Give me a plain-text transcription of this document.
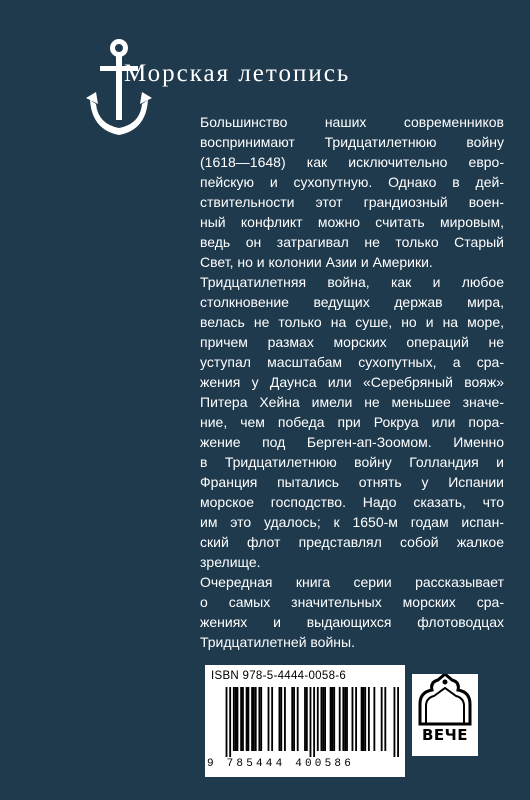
Морская летопись
Большинство наших современников
воспринимают Тридцатилетнюю войну
(1618—1648) как исключительно евро-
пейскую и сухопутную. Однако в дей-
ствительности этот грандиозный воен-
ный конфликт можно считать мировым,
ведь он затрагивал не только Старый
Свет, но и колонии Азии и Америки.
Тридцатилетняя война, как и любое
столкновение ведущих держав мира,
велась не только на суше, но и на море,
причем размах морских операций не
уступал масштабам сухопутных, а сра-
жения у Даунса или «Серебряный вояж»
Питера Хейна имели не меньшее значе-
ние, чем победа при Рокруа или пора-
жение под Берген-ап-Зоомом. Именно
в Тридцатилетнюю войну Голландия и
Франция пытались отнять у Испании
морское господство. Надо сказать, что
им это удалось; к 1650-м годам испан-
ский флот представлял собой жалкое
зрелище.
Очередная книга серии рассказывает
о самых значительных морских сра-
жениях и выдающихся флотоводцах
Тридцатилетней войны.
ISBN 978-5-4444-0058-6
9 785444 400586
ВЕЧЕ
